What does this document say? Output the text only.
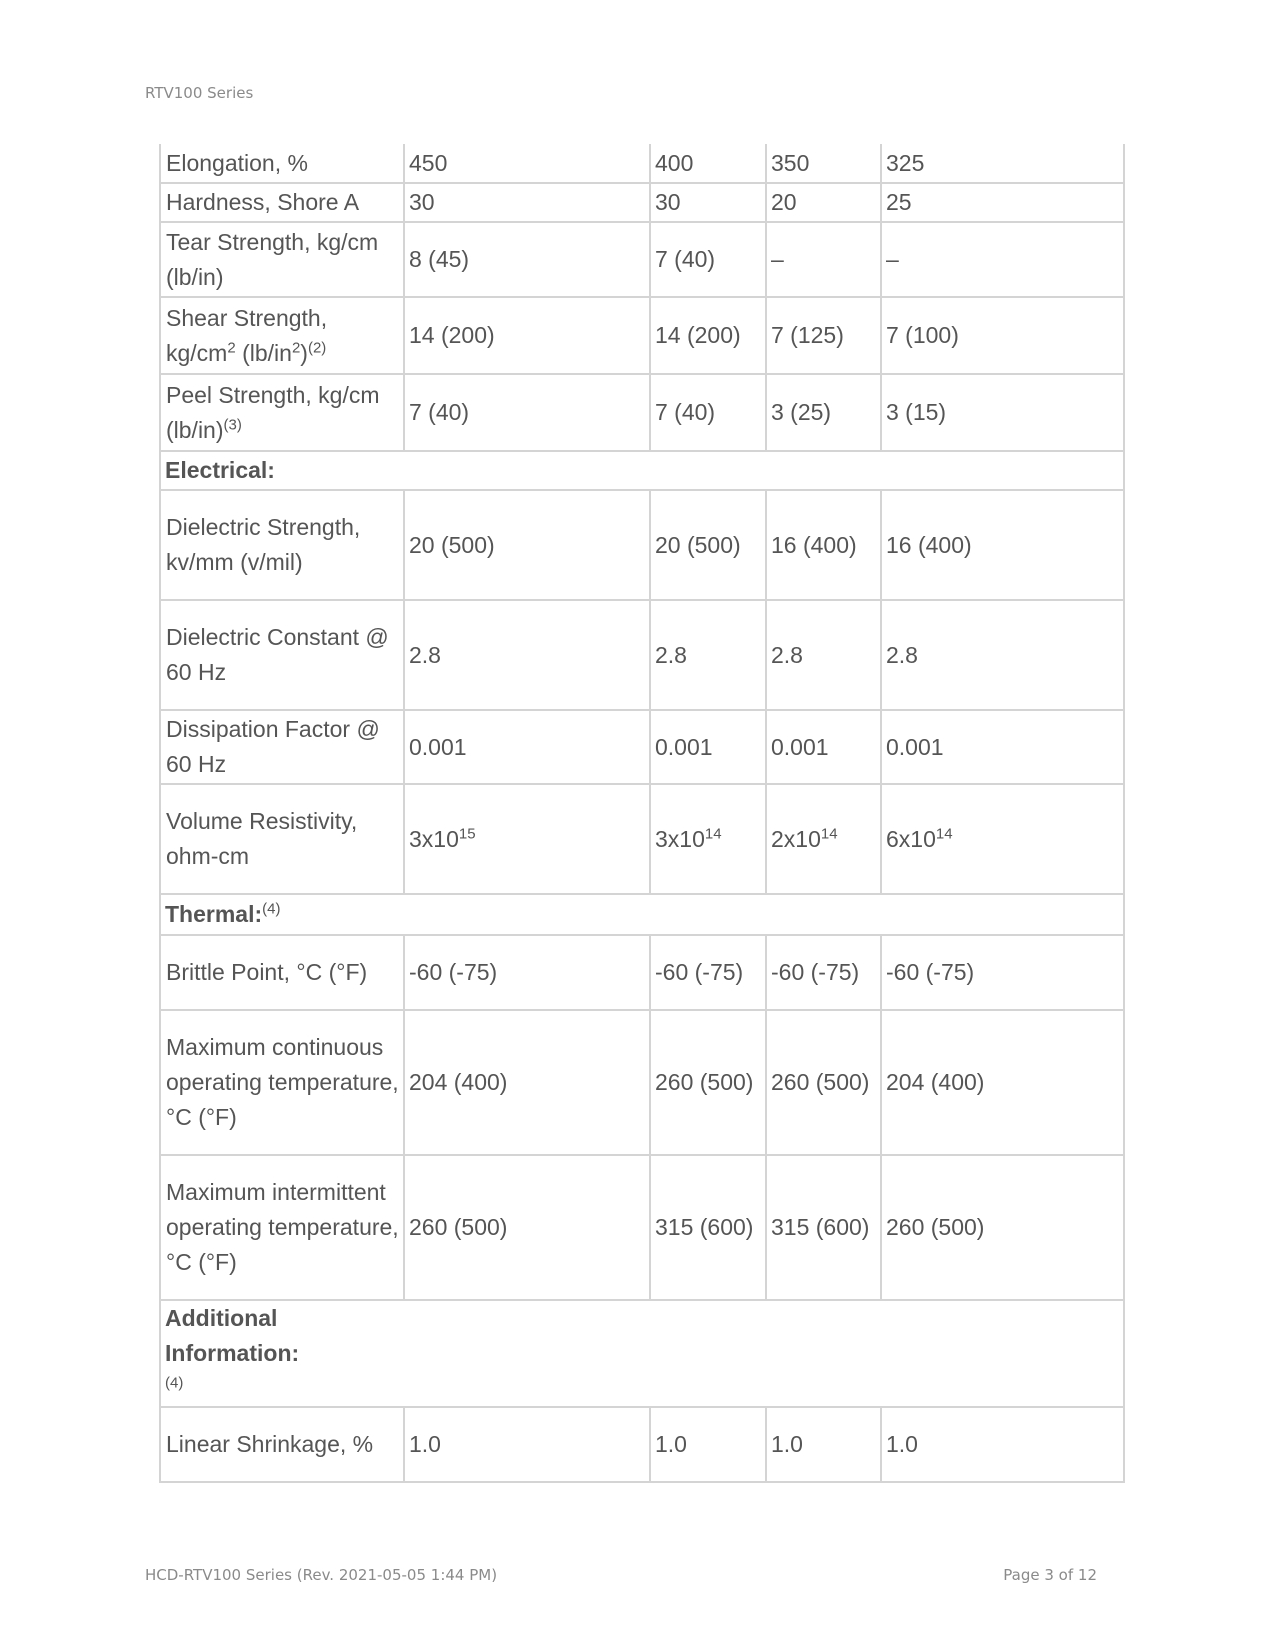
RTV100 Series
Elongation, %	450	400	350	325
Hardness, Shore A	30	30	20	25
Tear Strength, kg/cm (lb/in)	8 (45)	7 (40)	–	–
Shear Strength, $kg/cm^2$ $(lb/in^2)^{(2)}$	14 (200)	14 (200)	7 (125)	7 (100)
Peel Strength, kg/cm $(lb/in)^{(3)}$	7 (40)	7 (40)	3 (25)	3 (15)
Electrical:				
Dielectric Strength, kv/mm (v/mil)	20 (500)	20 (500)	16 (400)	16 (400)
Dielectric Constant @ 60 Hz	2.8	2.8	2.8	2.8
Dissipation Factor @ 60 Hz	0.001	0.001	0.001	0.001
Volume Resistivity, ohm-cm	$3x10^{15}$	$3x10^{14}$	$2x10^{14}$	$6x10^{14}$
Thermal:$^{(4)}$
Brittle Point, °C (°F)	-60 (-75)	-60 (-75)	-60 (-75)	-60 (-75)
Maximum continuous operating temperature, °C (°F)	204 (400)	260 (500)	260 (500)	204 (400)
Maximum intermittent operating temperature, °C (°F)	260 (500)	315 (600)	315 (600)	260 (500)

Additional Information:$^{(4)}$

Linear Shrinkage, %	1.0	1.0	1.0	1.0
HCD-RTV100 Series (Rev. 2021-05-05 1:44 PM)	Page 3 of 12
